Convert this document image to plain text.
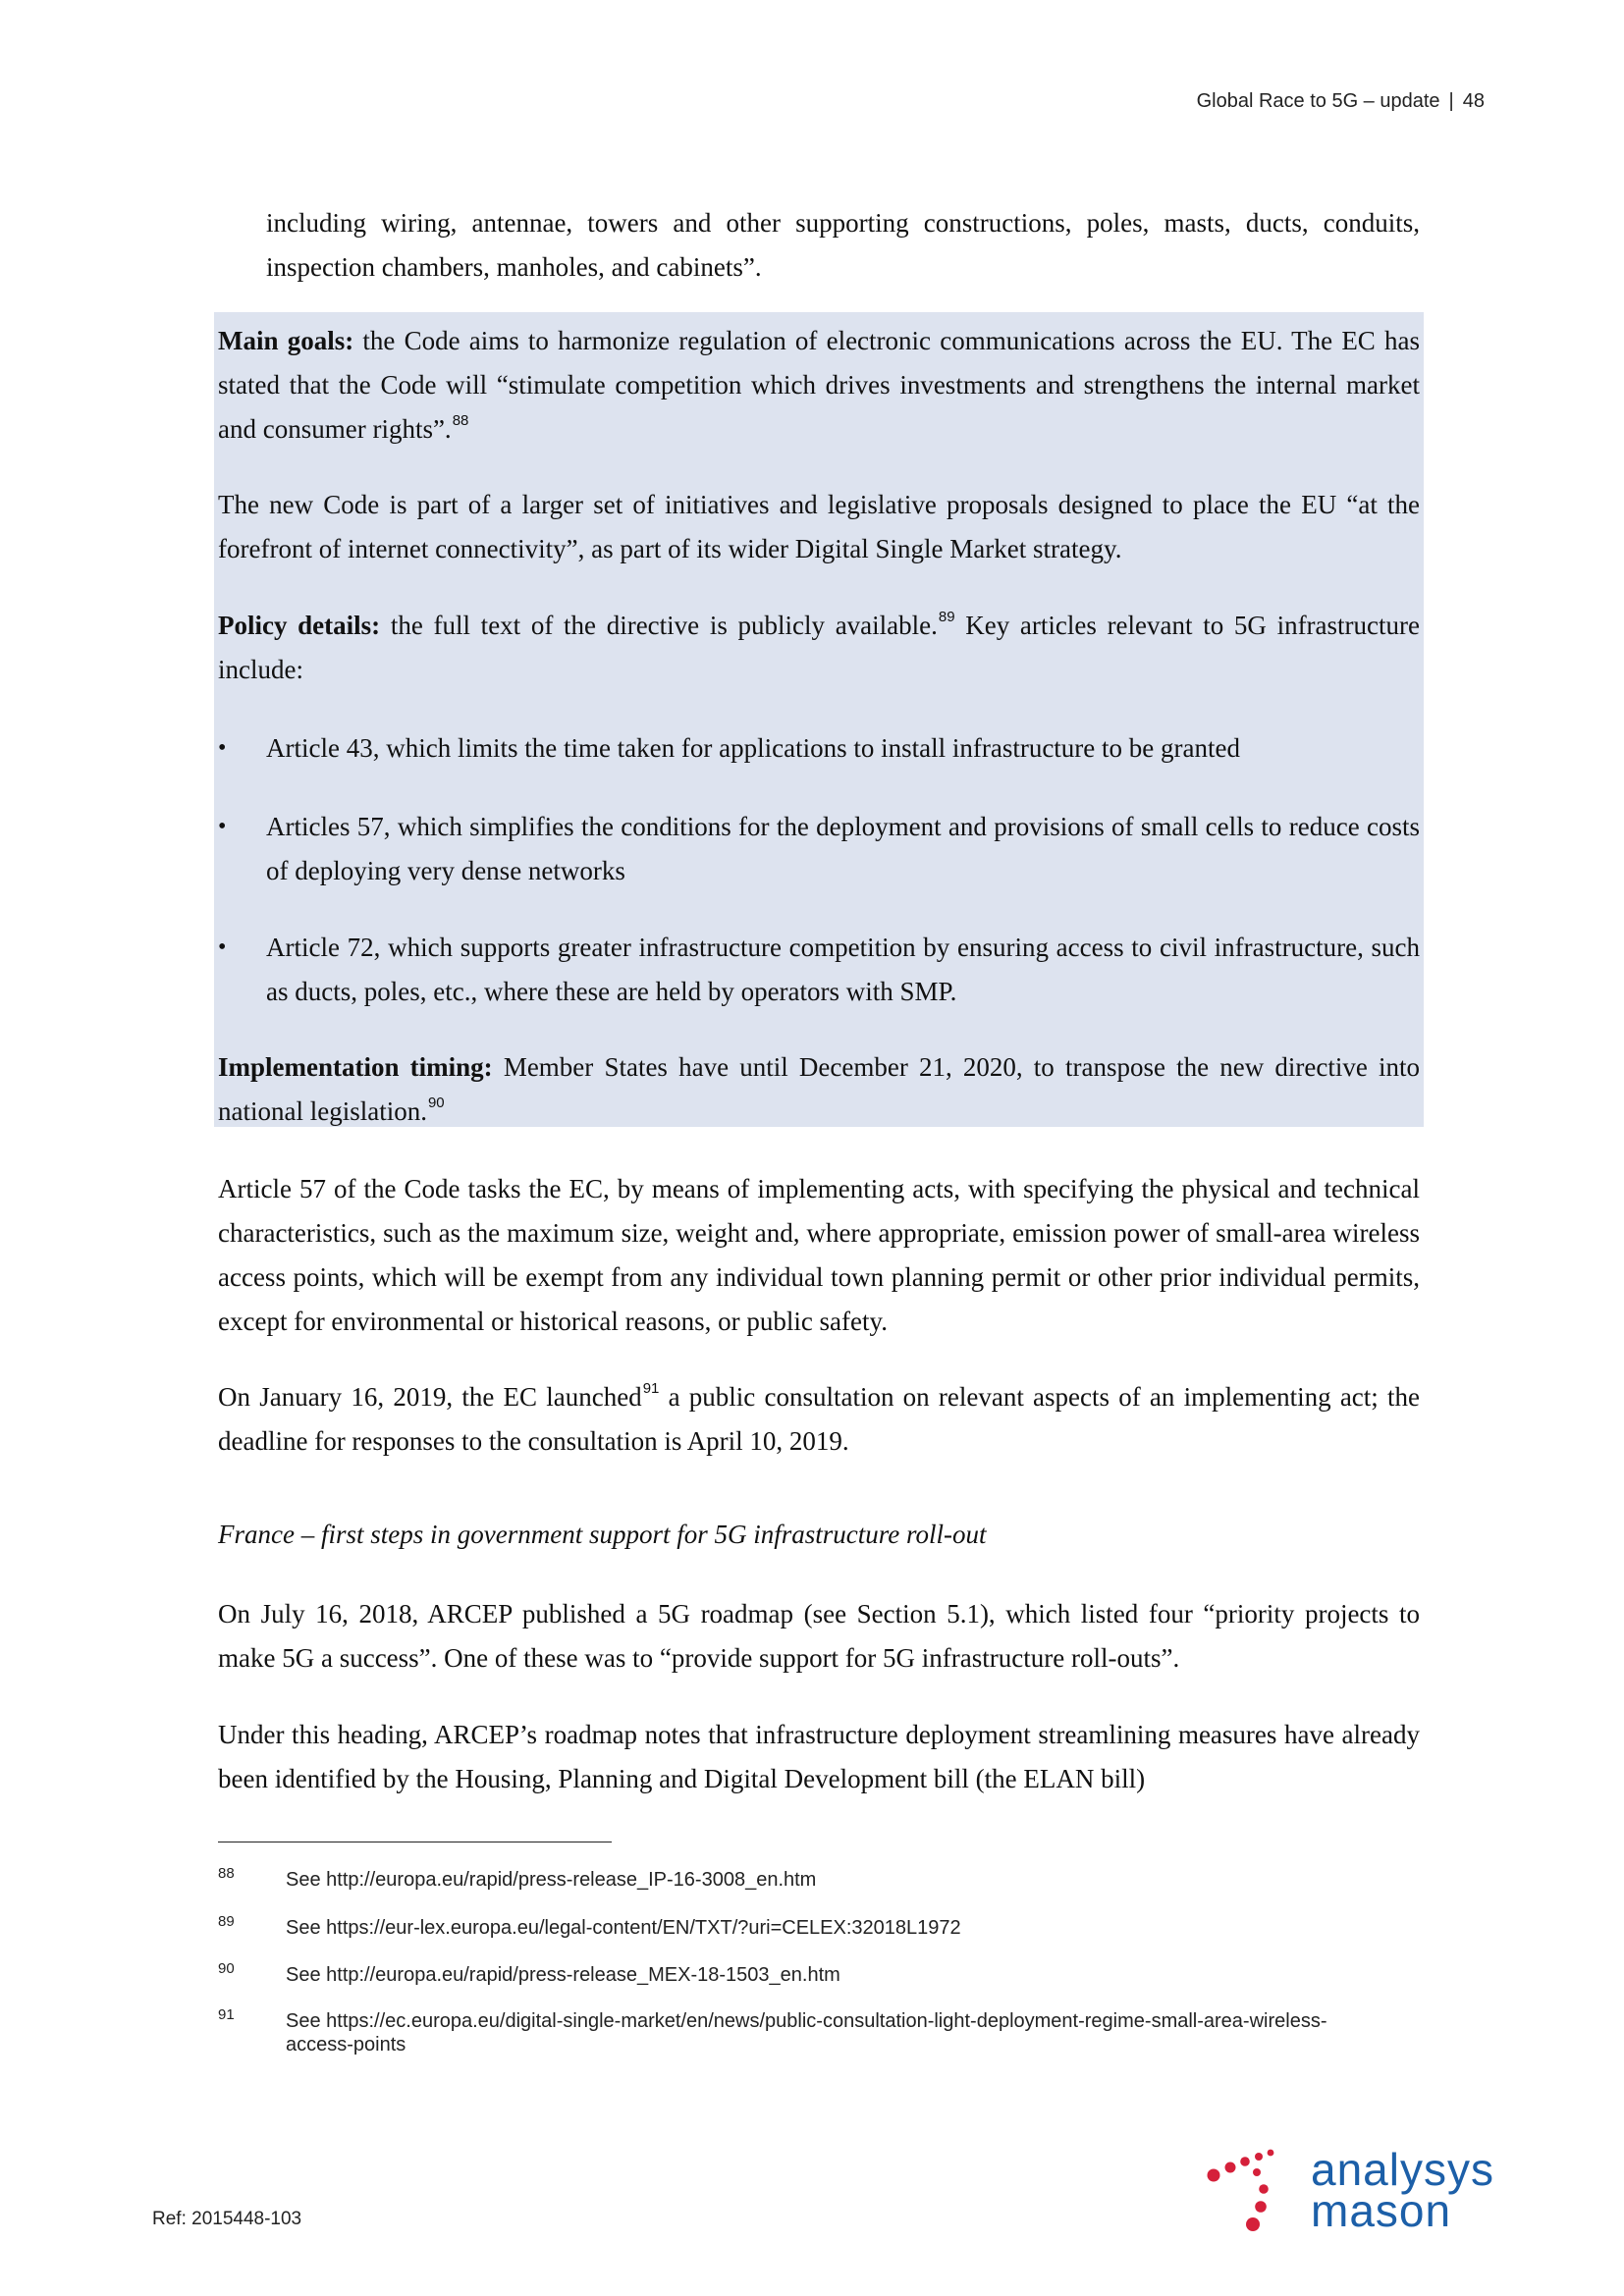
Global Race to 5G – update | 48

including wiring, antennae, towers and other supporting constructions, poles, masts, ducts, conduits, inspection chambers, manholes, and cabinets”.

Main goals: the Code aims to harmonize regulation of electronic communications across the EU. The EC has stated that the Code will “stimulate competition which drives investments and strengthens the internal market and consumer rights”.$^{88}$

The new Code is part of a larger set of initiatives and legislative proposals designed to place the EU “at the forefront of internet connectivity”, as part of its wider Digital Single Market strategy.

Policy details: the full text of the directive is publicly available.$^{89}$ Key articles relevant to 5G infrastructure include:

• Article 43, which limits the time taken for applications to install infrastructure to be granted

• Articles 57, which simplifies the conditions for the deployment and provisions of small cells to reduce costs of deploying very dense networks

• Article 72, which supports greater infrastructure competition by ensuring access to civil infrastructure, such as ducts, poles, etc., where these are held by operators with SMP.

Implementation timing: Member States have until December 21, 2020, to transpose the new directive into national legislation.$^{90}$

Article 57 of the Code tasks the EC, by means of implementing acts, with specifying the physical and technical characteristics, such as the maximum size, weight and, where appropriate, emission power of small-area wireless access points, which will be exempt from any individual town planning permit or other prior individual permits, except for environmental or historical reasons, or public safety.

On January 16, 2019, the EC launched$^{91}$ a public consultation on relevant aspects of an implementing act; the deadline for responses to the consultation is April 10, 2019.

France – first steps in government support for 5G infrastructure roll-out

On July 16, 2018, ARCEP published a 5G roadmap (see Section 5.1), which listed four “priority projects to make 5G a success”. One of these was to “provide support for 5G infrastructure roll-outs”.

Under this heading, ARCEP’s roadmap notes that infrastructure deployment streamlining measures have already been identified by the Housing, Planning and Digital Development bill (the ELAN bill)

88	See http://europa.eu/rapid/press-release_IP-16-3008_en.htm
89	See https://eur-lex.europa.eu/legal-content/EN/TXT/?uri=CELEX:32018L1972
90	See http://europa.eu/rapid/press-release_MEX-18-1503_en.htm
91	See https://ec.europa.eu/digital-single-market/en/news/public-consultation-light-deployment-regime-small-area-wireless-access-points
Ref: 2015448-103
analysys
mason
